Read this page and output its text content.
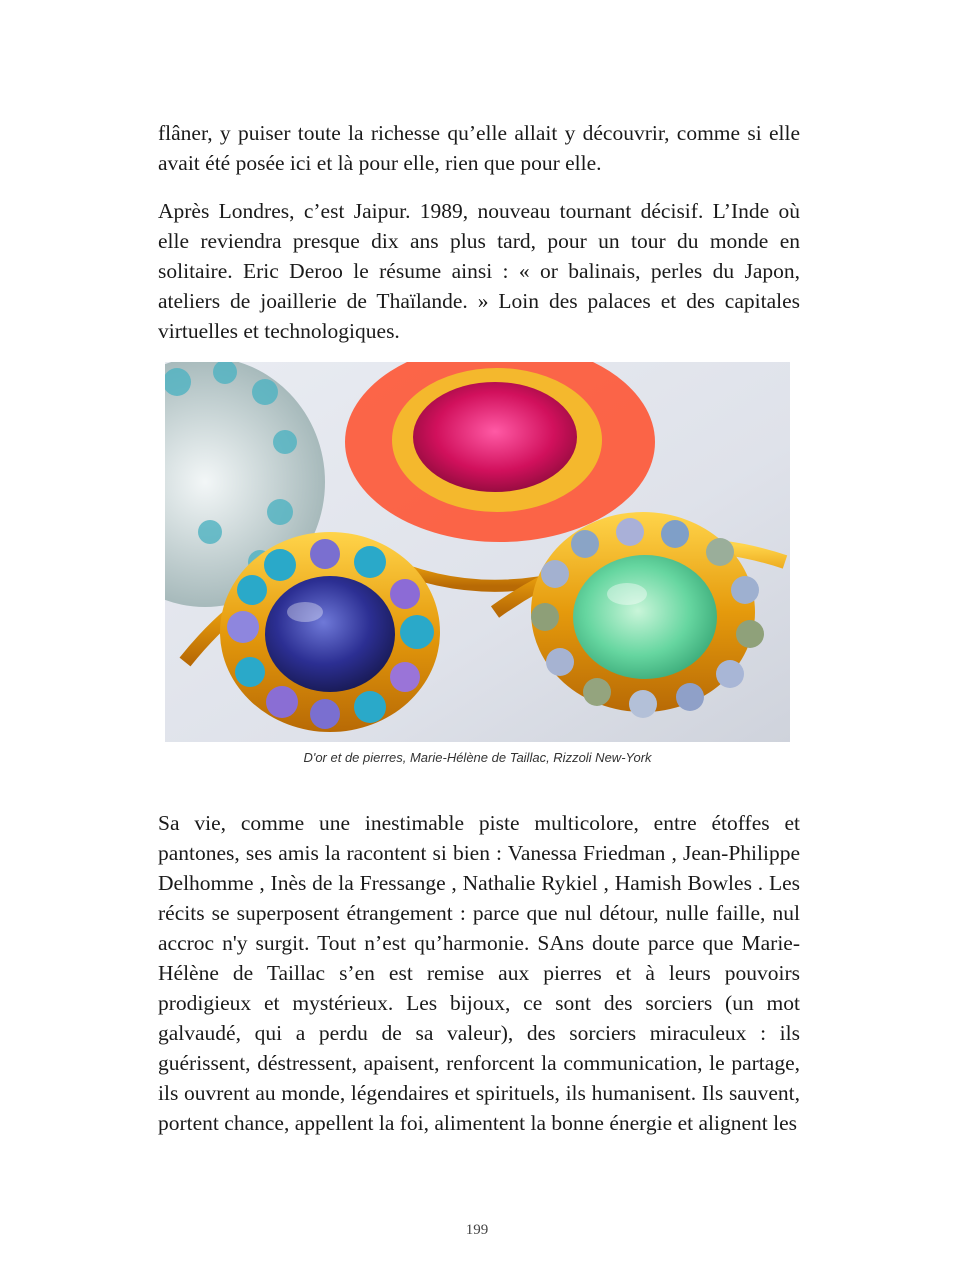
flâner, y puiser toute la richesse qu’elle allait y découvrir, comme si elle avait été posée ici et là pour elle, rien que pour elle.

Après Londres, c’est Jaipur. 1989, nouveau tournant décisif. L’Inde où elle reviendra presque dix ans plus tard, pour un tour du monde en solitaire. Eric Deroo le résume ainsi : « or balinais, perles du Japon, ateliers de joaillerie de Thaïlande. » Loin des palaces et des capitales virtuelles et technologiques.

D'or et de pierres, Marie-Hélène de Taillac, Rizzoli New-York

Sa vie, comme une inestimable piste multicolore, entre étoffes et pantones, ses amis la racontent si bien : Vanessa Friedman , Jean-Philippe Delhomme , Inès de la Fressange , Nathalie Rykiel , Hamish Bowles . Les récits se superposent étrangement : parce que nul détour, nulle faille, nul accroc n'y surgit. Tout n’est qu’harmonie. SAns doute parce que Marie-Hélène de Taillac s’en est remise aux pierres et à leurs pouvoirs prodigieux et mystérieux. Les bijoux, ce sont des sorciers (un mot galvaudé, qui a perdu de sa valeur), des sorciers miraculeux : ils guérissent, déstressent, apaisent, renforcent la communication, le partage, ils ouvrent au monde, légendaires et spirituels, ils humanisent. Ils sauvent, portent chance, appellent la foi, alimentent la bonne énergie et alignent les

199
